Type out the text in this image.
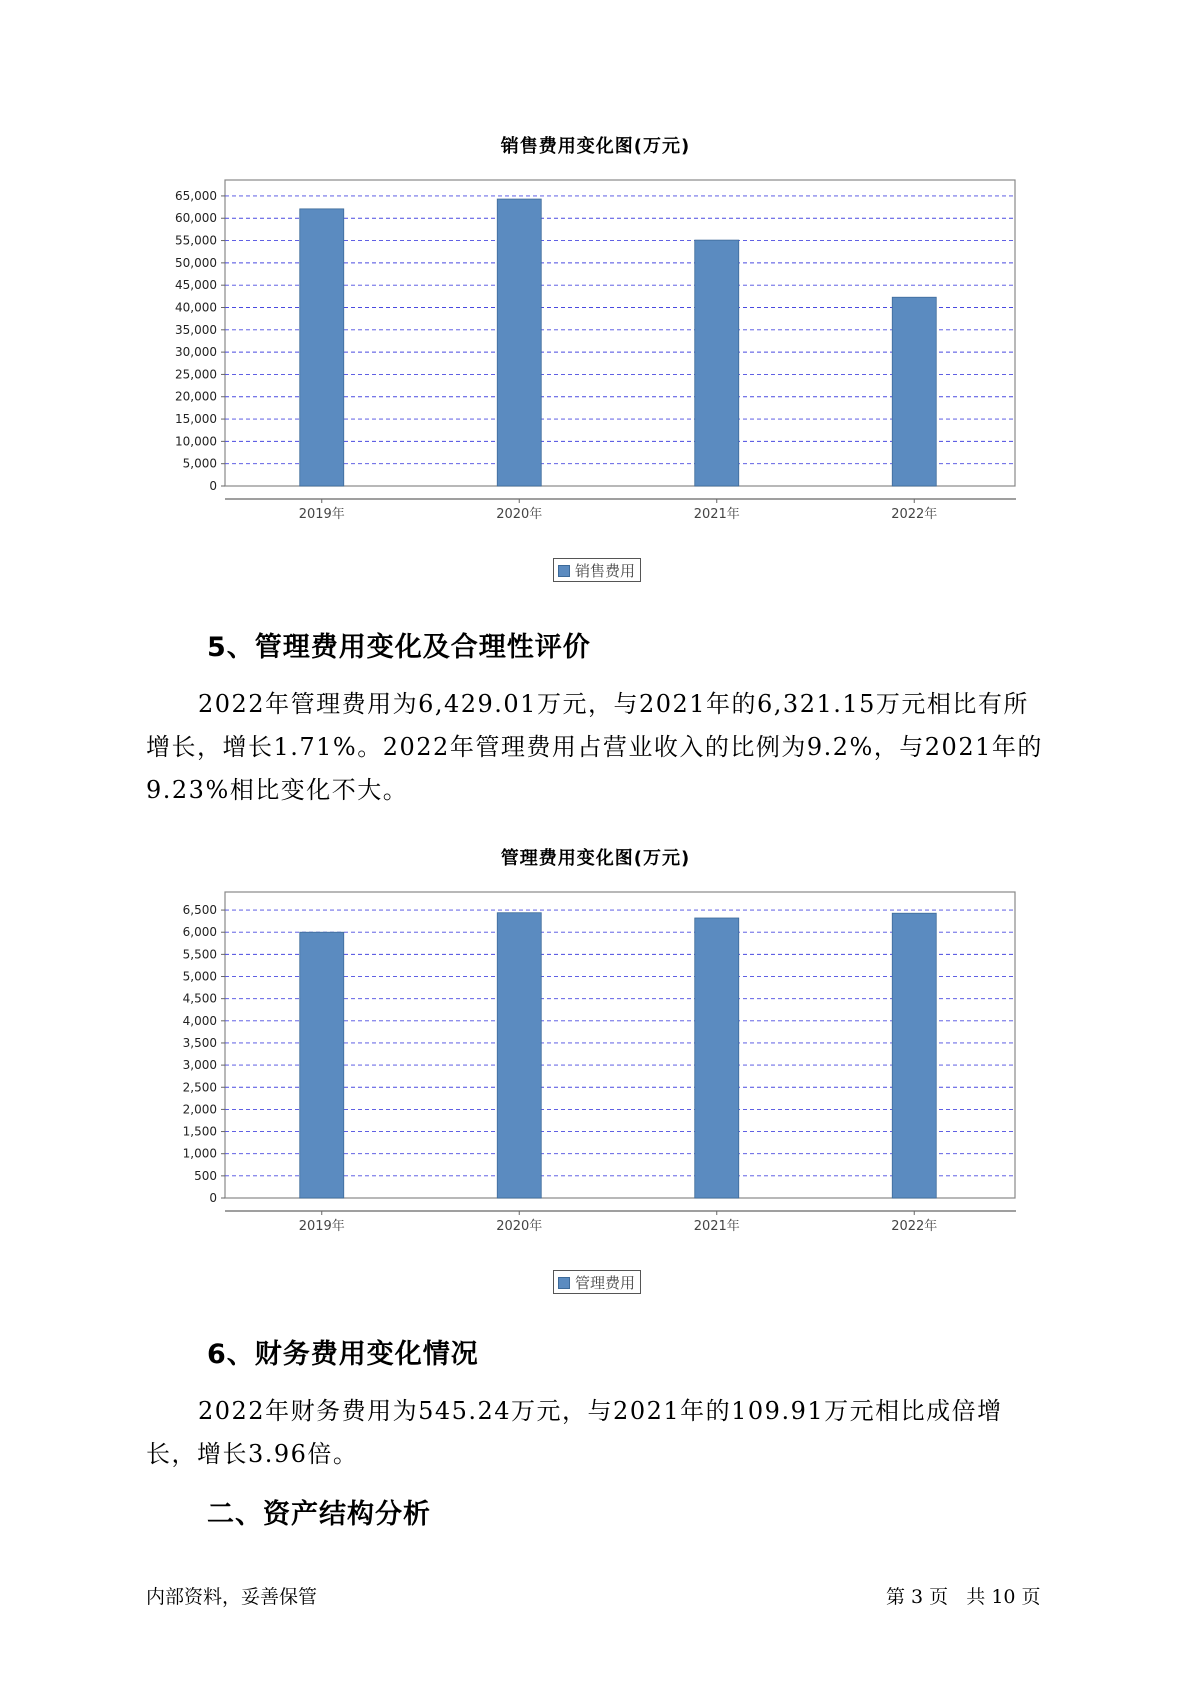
销售费用变化图(万元)
0
5,000
10,000
15,000
20,000
25,000
30,000
35,000
40,000
45,000
50,000
55,000
60,000
65,000
2019年	2020年	2021年	2022年
销售费用
5、管理费用变化及合理性评价

2022年管理费用为6,429.01万元，与2021年的6,321.15万元相比有所增长，增长1.71%。2022年管理费用占营业收入的比例为9.2%，与2021年的9.23%相比变化不大。

管理费用变化图(万元)
0
500
1,000
1,500
2,000
2,500
3,000
3,500
4,000
4,500
5,000
5,500
6,000
6,500
2019年	2020年	2021年	2022年
管理费用
6、财务费用变化情况

2022年财务费用为545.24万元，与2021年的109.91万元相比成倍增长，增长3.96倍。

二、资产结构分析
内部资料，妥善保管	第 3 页   共 10 页
